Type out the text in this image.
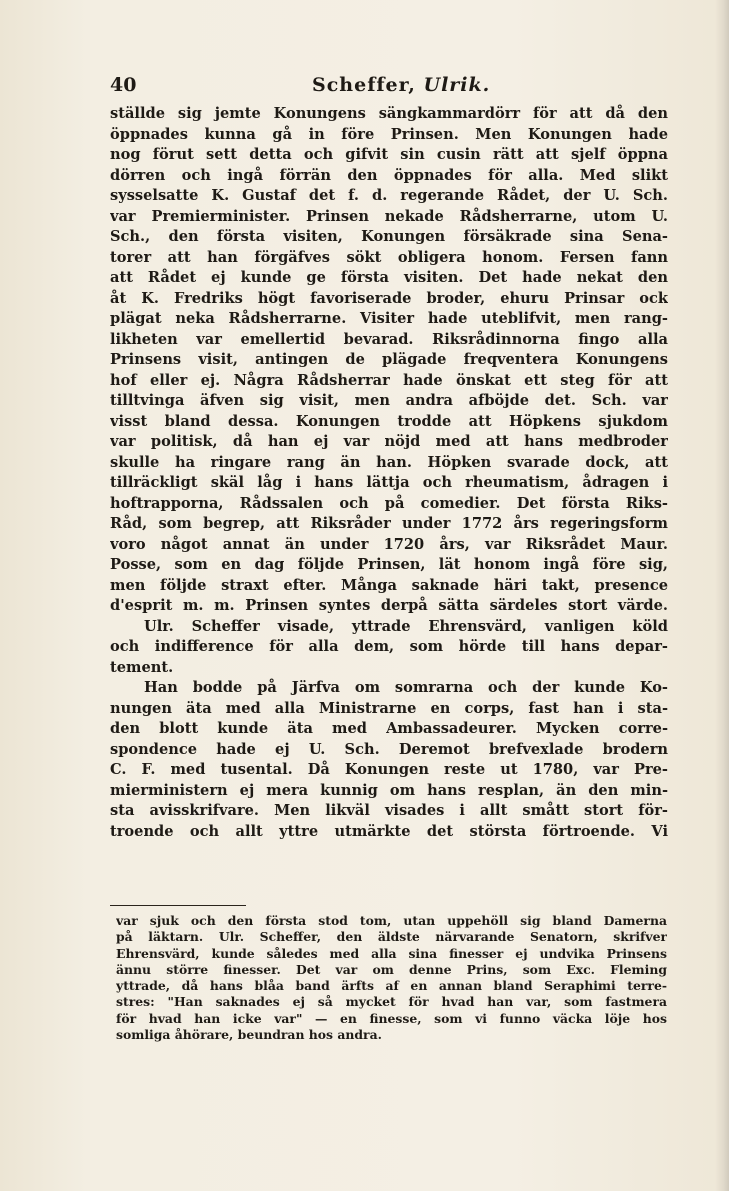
40	Scheffer, Ulrik.
ställde sig jemte Konungens sängkammardörr för att då den
öppnades kunna gå in före Prinsen. Men Konungen hade
nog förut sett detta och gifvit sin cusin rätt att sjelf öppna
dörren och ingå förrän den öppnades för alla. Med slikt
sysselsatte K. Gustaf det f. d. regerande Rådet, der U. Sch.
var Premierminister. Prinsen nekade Rådsherrarne, utom U.
Sch., den första visiten, Konungen försäkrade sina Sena-
torer att han förgäfves sökt obligera honom. Fersen fann
att Rådet ej kunde ge första visiten. Det hade nekat den
åt K. Fredriks högt favoriserade broder, ehuru Prinsar ock
plägat neka Rådsherrarne. Visiter hade uteblifvit, men rang-
likheten var emellertid bevarad. Riksrådinnorna fingo alla
Prinsens visit, antingen de plägade freqventera Konungens
hof eller ej. Några Rådsherrar hade önskat ett steg för att
tilltvinga äfven sig visit, men andra afböjde det. Sch. var
visst bland dessa. Konungen trodde att Höpkens sjukdom
var politisk, då han ej var nöjd med att hans medbroder
skulle ha ringare rang än han. Höpken svarade dock, att
tillräckligt skäl låg i hans lättja och rheumatism, ådragen i
hoftrapporna, Rådssalen och på comedier. Det första Riks-
Råd, som begrep, att Riksråder under 1772 års regeringsform
voro något annat än under 1720 års, var Riksrådet Maur.
Posse, som en dag följde Prinsen, lät honom ingå före sig,
men följde straxt efter. Många saknade häri takt, presence
d'esprit m. m. Prinsen syntes derpå sätta särdeles stort värde.
Ulr. Scheffer visade, yttrade Ehrensvärd, vanligen köld
och indifference för alla dem, som hörde till hans depar-
tement.
Han bodde på Järfva om somrarna och der kunde Ko-
nungen äta med alla Ministrarne en corps, fast han i sta-
den blott kunde äta med Ambassadeurer. Mycken corre-
spondence hade ej U. Sch. Deremot brefvexlade brodern
C. F. med tusental. Då Konungen reste ut 1780, var Pre-
mierministern ej mera kunnig om hans resplan, än den min-
sta avisskrifvare. Men likväl visades i allt smått stort för-
troende och allt yttre utmärkte det största förtroende. Vi
var sjuk och den första stod tom, utan uppehöll sig bland Damerna
på läktarn. Ulr. Scheffer, den äldste närvarande Senatorn, skrifver
Ehrensvärd, kunde således med alla sina finesser ej undvika Prinsens
ännu större finesser. Det var om denne Prins, som Exc. Fleming
yttrade, då hans blåa band ärfts af en annan bland Seraphimi terre-
stres: "Han saknades ej så mycket för hvad han var, som fastmera
för hvad han icke var" — en finesse, som vi funno väcka löje hos
somliga åhörare, beundran hos andra.
